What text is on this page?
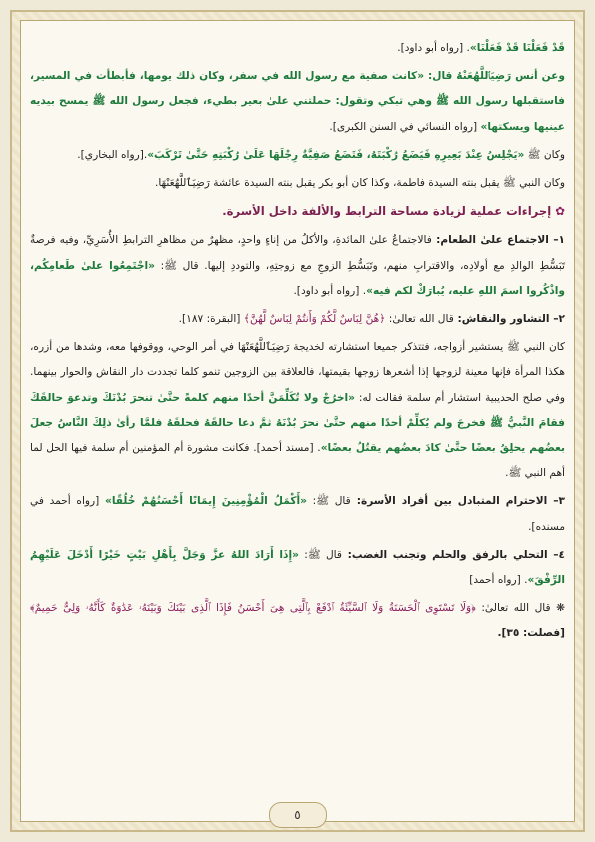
قَدْ فَعَلْنَا قَدْ فَعَلْنَا». [رواه أبو داود].

وعن أنس رَضِيَٱللَّهُعَنْهُ قال: «كانت صفية مع رسول الله في سفر، وكان ذلك يومها، فأبطأت في المسير، فاستقبلها رسول الله ﷺ وهي تبكي وتقول: حملتني علىٰ بعير بطيء، فجعل رسول الله ﷺ يمسح بيديه عينيها ويسكتها» [رواه النسائي في السنن الكبرى].

وكان ﷺ «يَجْلِسُ عِنْدَ بَعِيرِهِ فَيَضَعُ رُكْبَتَهُ، فَتَضَعُ صَفِيَّةُ رِجْلَهَا عَلَىٰ رُكْبَتِهِ حَتَّىٰ تَرْكَبَ».[رواه البخاري].

وكان النبي ﷺ يقبل بنته السيدة فاطمة، وكذا كان أبو بكر يقبل بنته السيدة عائشة رَضِيَٱللَّهُعَنْهَا.

✿ إجراءات عملية لزيادة مساحة الترابط والألفة داخل الأسرة.

١– الاجتماع علىٰ الطعام: فالاجتماعُ علىٰ المائدةِ، والأكلُ من إناءٍ واحدٍ، مظهرٌ من مظاهرِ الترابطِ الأُسَرِيِّ، وفيه فرصةٌ تَبَسُّطِ الوالدِ مع أولادِه، والاقترابِ منهم، وتَبَسُّطِ الزوجِ مع زوجتِهِ، والتوددِ إليها. قال ﷺ: «اجْتَمِعُوا علىٰ طَعامِكُم، واذْكُروا اسمَ اللهِ عليه، يُبارَكْ لكم فيه». [رواه أبو داود].

٢– التشاور والنقاش: قال الله تعالىٰ: ﴿هُنَّ لِبَاسٌ لَّكُمْ وَأَنتُمْ لِبَاسٌ لَّهُنَّ﴾ [البقرة: ١٨٧].

كان النبي ﷺ يستشير أزواجه، فتتذكر جميعا استشارته لخديجة رَضِيَٱللَّهُعَنْهَا في أمر الوحي، ووقوفها معه، وشدها من أزره، هكذا المرأة فإنها معينة لزوجها إذا أشعرها زوجها بقيمتها، فالعلاقة بين الزوجين تنمو كلما تجددت دار النقاش والحوار بينهما. وفي صلح الحديبية استشار أم سلمة فقالت له: «اخرُجْ ولا تُكَلِّمَنَّ أحدًا منهم كلمةً حتَّىٰ تنحرَ بُدْنَكَ وتدعوَ حالقَكَ فقامَ النَّبيُّ ﷺ فخرجَ ولم يُكلِّمْ أحدًا منهم حتَّىٰ نحرَ بُدْنَهُ ثمَّ دعا حالقَهُ فحلقَهُ فلمَّا رأىٰ ذلِكَ النَّاسُ جعلَ بعضُهم يحلِقُ بعضًا حتَّىٰ كادَ بعضُهم يقتُلُ بعضًا». [مسند أحمد]. فكانت مشورة أم المؤمنين أم سلمة فيها الحل لما أهم النبي ﷺ.

٣– الاحترام المتبادل بين أفراد الأسرة: قال ﷺ: «أَكْمَلُ الْمُؤْمِنِينَ إِيمَانًا أَحْسَنُهُمْ خُلُقًا» [رواه أحمد في مسنده].

٤– التحلي بالرفق والحلم وتجنب الغضب: قال ﷺ: «إِذَا أَرَادَ اللهُ عزَّ وَجَلَّ بِأَهْلِ بَيْتٍ خَيْرًا أَدْخَلَ عَلَيْهِمُ الرِّفْقَ». [رواه أحمد]

❋ قال الله تعالىٰ: ﴿وَلَا تَسْتَوِى ٱلْحَسَنَةُ وَلَا ٱلسَّيِّئَةُ ٱدْفَعْ بِٱلَّتِى هِىَ أَحْسَنُ فَإِذَا ٱلَّذِى بَيْنَكَ وَبَيْنَهُۥ عَدَٰوَةٌ كَأَنَّهُۥ وَلِىٌّ حَمِيمٌ﴾ [فصلت: ٣٥].

٥
